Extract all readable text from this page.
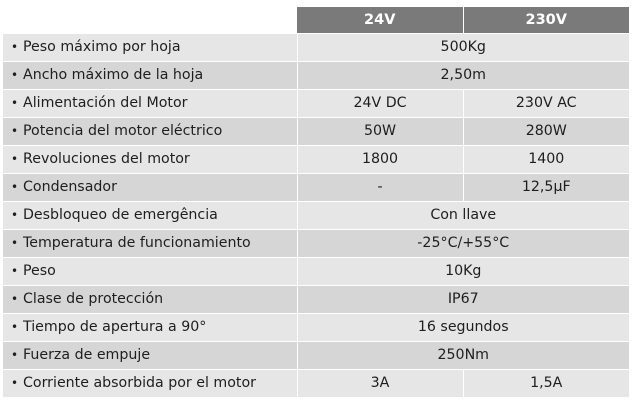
	24V	230V
• Peso máximo por hoja	500Kg	
• Ancho máximo de la hoja	2,50m	
• Alimentación del Motor	24V DC	230V AC
• Potencia del motor eléctrico	50W	280W
• Revoluciones del motor	1800	1400
• Condensador	-	12,5µF
• Desbloqueo de emergência	Con llave	
• Temperatura de funcionamiento	-25°C/+55°C	
• Peso	10Kg	
• Clase de protección	IP67	
• Tiempo de apertura a 90°	16 segundos	
• Fuerza de empuje	250Nm	
• Corriente absorbida por el motor	3A	1,5A
